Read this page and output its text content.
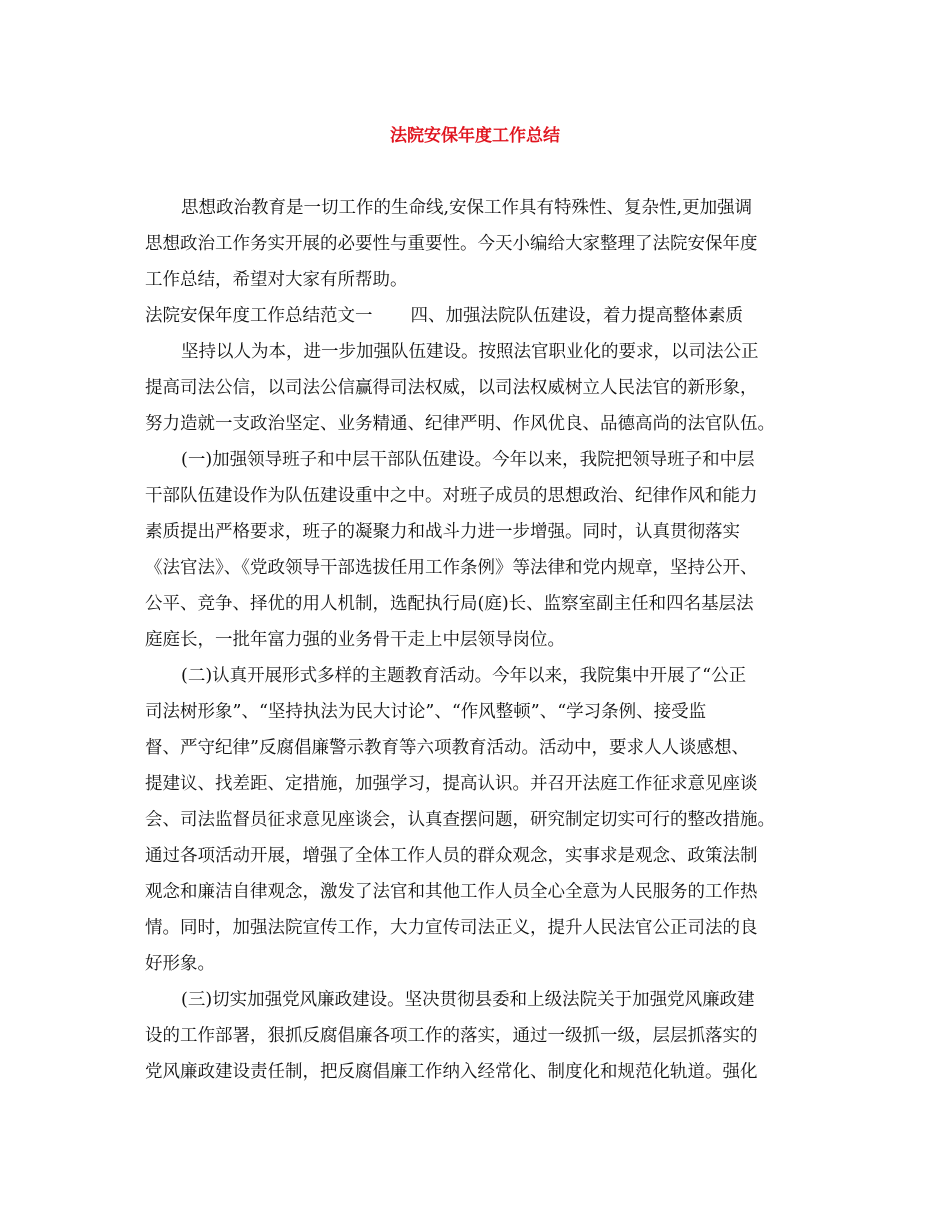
法院安保年度工作总结
思想政治教育是一切工作的生命线,安保工作具有特殊性、复杂性,更加强调
思想政治工作务实开展的必要性与重要性。今天小编给大家整理了法院安保年度
工作总结，希望对大家有所帮助。
法院安保年度工作总结范文一 四、加强法院队伍建设，着力提高整体素质
坚持以人为本，进一步加强队伍建设。按照法官职业化的要求，以司法公正
提高司法公信，以司法公信赢得司法权威，以司法权威树立人民法官的新形象，
努力造就一支政治坚定、业务精通、纪律严明、作风优良、品德高尚的法官队伍。
(一)加强领导班子和中层干部队伍建设。今年以来，我院把领导班子和中层
干部队伍建设作为队伍建设重中之中。对班子成员的思想政治、纪律作风和能力
素质提出严格要求，班子的凝聚力和战斗力进一步增强。同时，认真贯彻落实
《法官法》、《党政领导干部选拔任用工作条例》等法律和党内规章，坚持公开、
公平、竞争、择优的用人机制，选配执行局(庭)长、监察室副主任和四名基层法
庭庭长，一批年富力强的业务骨干走上中层领导岗位。
(二)认真开展形式多样的主题教育活动。今年以来，我院集中开展了“公正
司法树形象”、“坚持执法为民大讨论”、“作风整顿”、“学习条例、接受监
督、严守纪律”反腐倡廉警示教育等六项教育活动。活动中，要求人人谈感想、
提建议、找差距、定措施，加强学习，提高认识。并召开法庭工作征求意见座谈
会、司法监督员征求意见座谈会，认真查摆问题，研究制定切实可行的整改措施。
通过各项活动开展，增强了全体工作人员的群众观念，实事求是观念、政策法制
观念和廉洁自律观念，激发了法官和其他工作人员全心全意为人民服务的工作热
情。同时，加强法院宣传工作，大力宣传司法正义，提升人民法官公正司法的良
好形象。
(三)切实加强党风廉政建设。坚决贯彻县委和上级法院关于加强党风廉政建
设的工作部署，狠抓反腐倡廉各项工作的落实，通过一级抓一级，层层抓落实的
党风廉政建设责任制，把反腐倡廉工作纳入经常化、制度化和规范化轨道。强化
